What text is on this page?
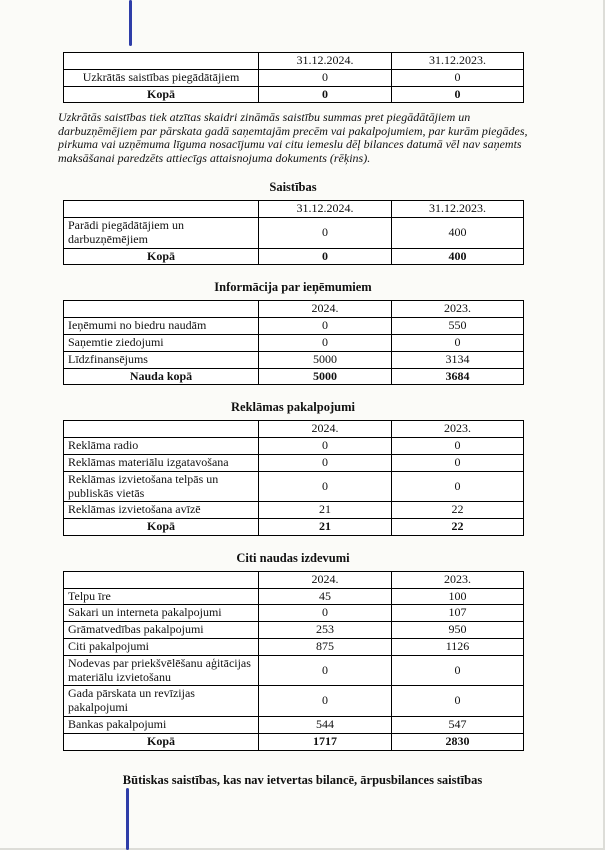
	31.12.2024.	31.12.2023.
Uzkrātās saistības piegādātājiem	0	0
Kopā	0	0

Uzkrātās saistības tiek atzītas skaidri zināmās saistību summas pret piegādātājiem un darbuzņēmējiem par pārskata gadā saņemtajām precēm vai pakalpojumiem, par kurām piegādes, pirkuma vai uzņēmuma līguma nosacījumu vai citu iemeslu dēļ bilances datumā vēl nav saņemts maksāšanai paredzēts attiecīgs attaisnojuma dokuments (rēķins).

Saistības
	31.12.2024.	31.12.2023.
Parādi piegādātājiem un darbuzņēmējiem	0	400
Kopā	0	400
Informācija par ieņēmumiem
	2024.	2023.
Ieņēmumi no biedru naudām	0	550
Saņemtie ziedojumi	0	0
Līdzfinansējums	5000	3134
Nauda kopā	5000	3684
Reklāmas pakalpojumi
	2024.	2023.
Reklāma radio	0	0
Reklāmas materiālu izgatavošana	0	0
Reklāmas izvietošana telpās un publiskās vietās	0	0
Reklāmas izvietošana avīzē	21	22
Kopā	21	22
Citi naudas izdevumi
	2024.	2023.
Telpu īre	45	100
Sakari un interneta pakalpojumi	0	107
Grāmatvedības pakalpojumi	253	950
Citi pakalpojumi	875	1126
Nodevas par priekšvēlēšanu aģitācijas materiālu izvietošanu	0	0
Gada pārskata un revīzijas pakalpojumi	0	0
Bankas pakalpojumi	544	547
Kopā	1717	2830

Būtiskas saistības, kas nav ietvertas bilancē, ārpusbilances saistības
